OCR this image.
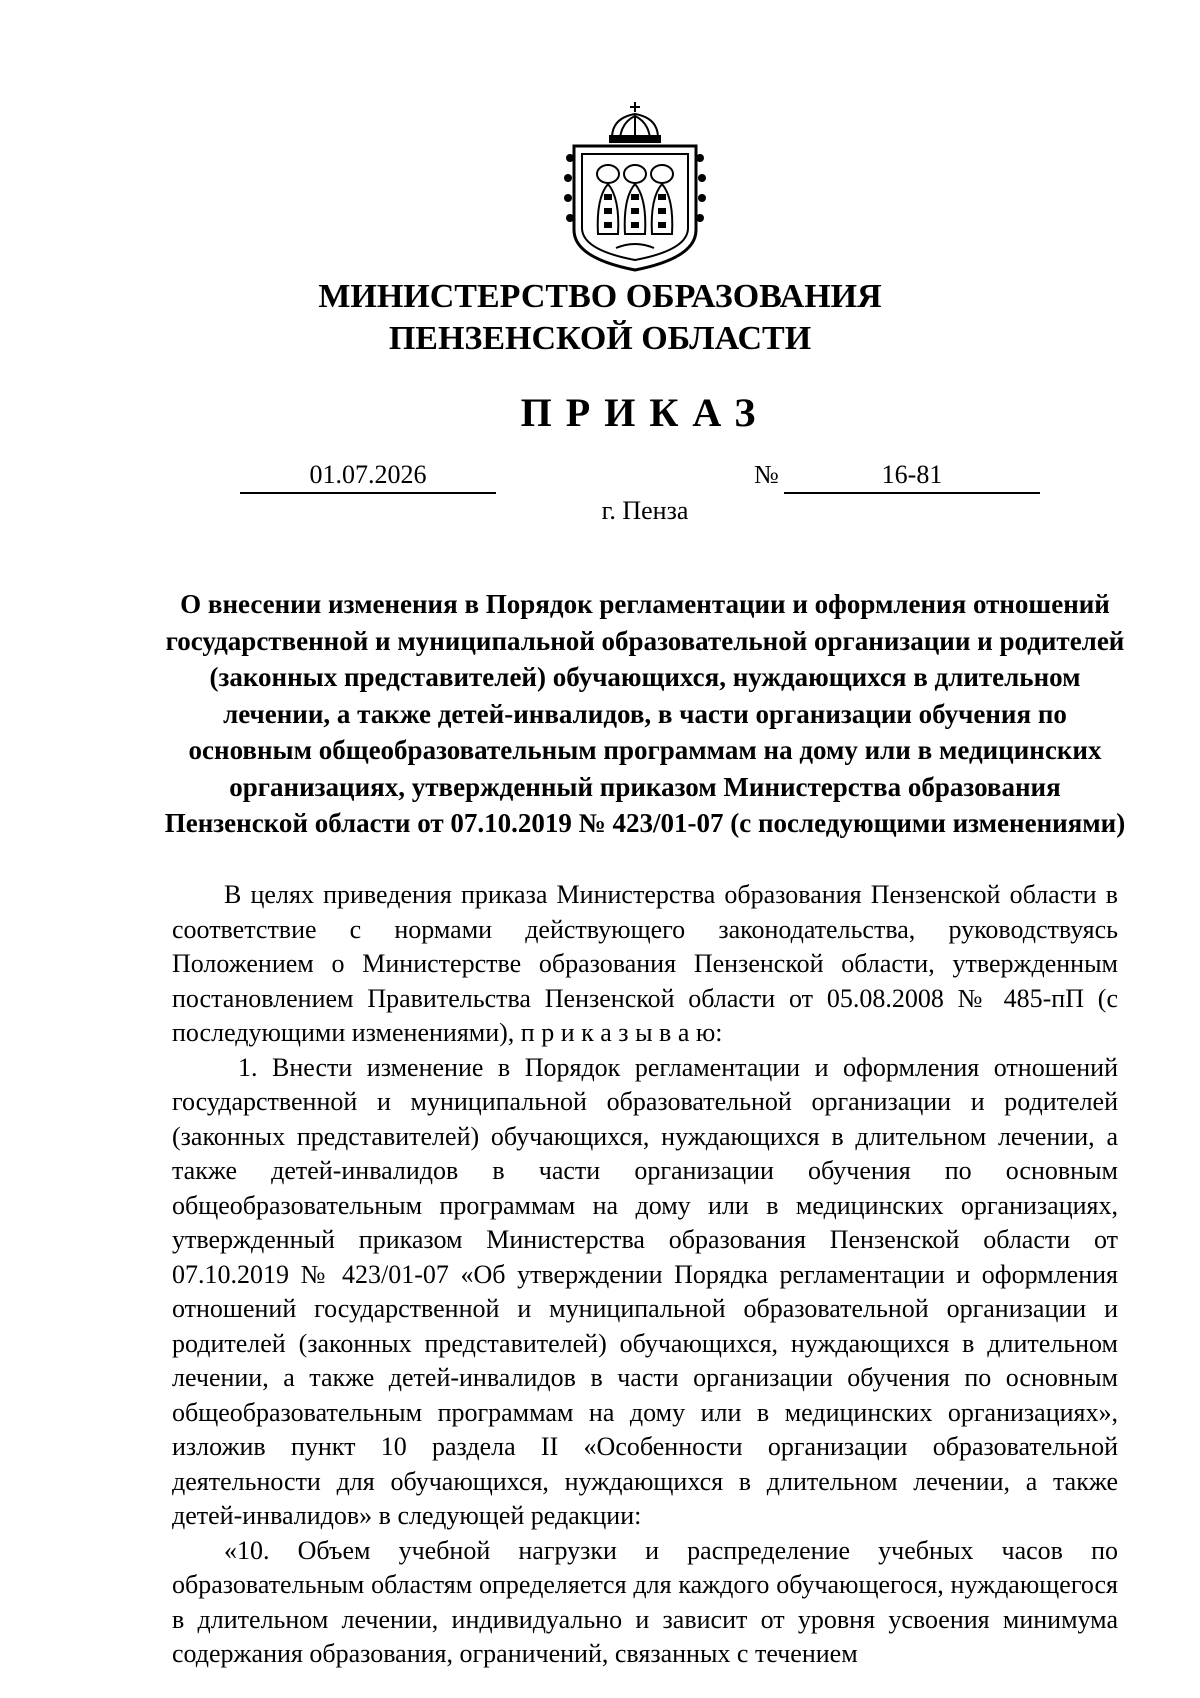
МИНИСТЕРСТВО ОБРАЗОВАНИЯ
ПЕНЗЕНСКОЙ ОБЛАСТИ
ПРИКАЗ
01.07.2026	№	16-81
г. Пенза
О внесении изменения в Порядок регламентации и оформления отношений государственной и муниципальной образовательной организации и родителей (законных представителей) обучающихся, нуждающихся в длительном лечении, а также детей-инвалидов, в части организации обучения по основным общеобразовательным программам на дому или в медицинских организациях, утвержденный приказом Министерства образования Пензенской области от 07.10.2019 № 423/01-07 (с последующими изменениями)

В целях приведения приказа Министерства образования Пензенской области в соответствие с нормами действующего законодательства, руководствуясь Положением о Министерстве образования Пензенской области, утвержденным постановлением Правительства Пензенской области от 05.08.2008 № 485-пП (с последующими изменениями), п р и к а з ы в а ю:

1. Внести изменение в Порядок регламентации и оформления отношений государственной и муниципальной образовательной организации и родителей (законных представителей) обучающихся, нуждающихся в длительном лечении, а также детей-инвалидов в части организации обучения по основным общеобразовательным программам на дому или в медицинских организациях, утвержденный приказом Министерства образования Пензенской области от 07.10.2019 № 423/01-07 «Об утверждении Порядка регламентации и оформления отношений государственной и муниципальной образовательной организации и родителей (законных представителей) обучающихся, нуждающихся в длительном лечении, а также детей-инвалидов в части организации обучения по основным общеобразовательным программам на дому или в медицинских организациях», изложив пункт 10 раздела II «Особенности организации образовательной деятельности для обучающихся, нуждающихся в длительном лечении, а также детей-инвалидов» в следующей редакции:

«10. Объем учебной нагрузки и распределение учебных часов по образовательным областям определяется для каждого обучающегося, нуждающегося в длительном лечении, индивидуально и зависит от уровня усвоения минимума содержания образования, ограничений, связанных с течением
